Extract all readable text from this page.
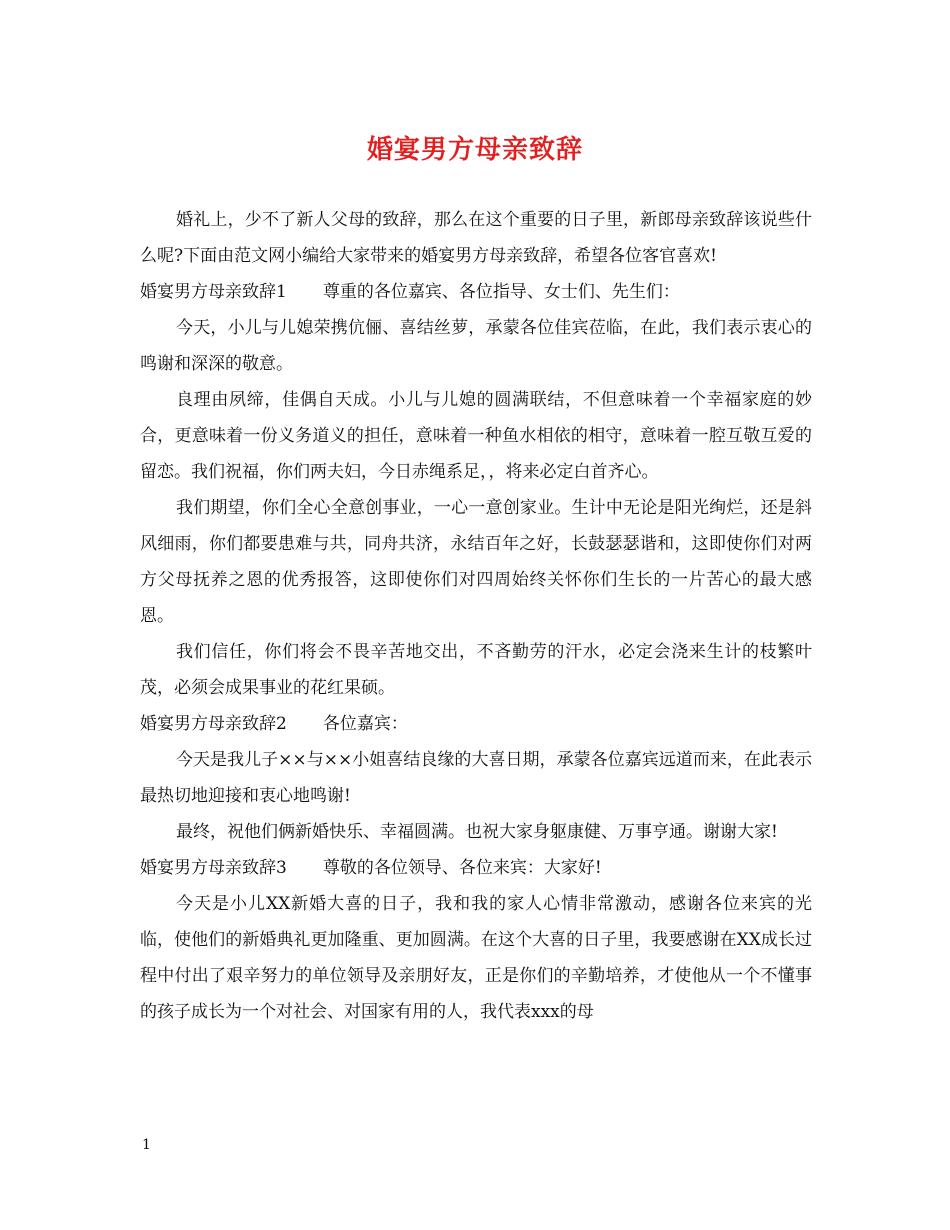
婚宴男方母亲致辞

婚礼上，少不了新人父母的致辞，那么在这个重要的日子里，新郎母亲致辞该说些什么呢?下面由范文网小编给大家带来的婚宴男方母亲致辞，希望各位客官喜欢!

婚宴男方母亲致辞1 尊重的各位嘉宾、各位指导、女士们、先生们：

今天，小儿与儿媳荣携伉俪、喜结丝萝，承蒙各位佳宾莅临，在此，我们表示衷心的鸣谢和深深的敬意。

良理由夙缔，佳偶自天成。小儿与儿媳的圆满联结，不但意味着一个幸福家庭的妙合，更意味着一份义务道义的担任，意味着一种鱼水相依的相守，意味着一腔互敬互爱的留恋。我们祝福，你们两夫妇，今日赤绳系足，，将来必定白首齐心。

我们期望，你们全心全意创事业，一心一意创家业。生计中无论是阳光绚烂，还是斜风细雨，你们都要患难与共，同舟共济，永结百年之好，长鼓瑟瑟谐和，这即使你们对两方父母抚养之恩的优秀报答，这即使你们对四周始终关怀你们生长的一片苦心的最大感恩。

我们信任，你们将会不畏辛苦地交出，不吝勤劳的汗水，必定会浇来生计的枝繁叶茂，必须会成果事业的花红果硕。

婚宴男方母亲致辞2 各位嘉宾：

今天是我儿子××与××小姐喜结良缘的大喜日期，承蒙各位嘉宾远道而来，在此表示最热切地迎接和衷心地鸣谢!

最终，祝他们俩新婚快乐、幸福圆满。也祝大家身躯康健、万事亨通。谢谢大家!

婚宴男方母亲致辞3 尊敬的各位领导、各位来宾：大家好!

今天是小儿XX新婚大喜的日子，我和我的家人心情非常激动，感谢各位来宾的光临，使他们的新婚典礼更加隆重、更加圆满。在这个大喜的日子里，我要感谢在XX成长过程中付出了艰辛努力的单位领导及亲朋好友，正是你们的辛勤培养，才使他从一个不懂事的孩子成长为一个对社会、对国家有用的人，我代表xxx的母

1
